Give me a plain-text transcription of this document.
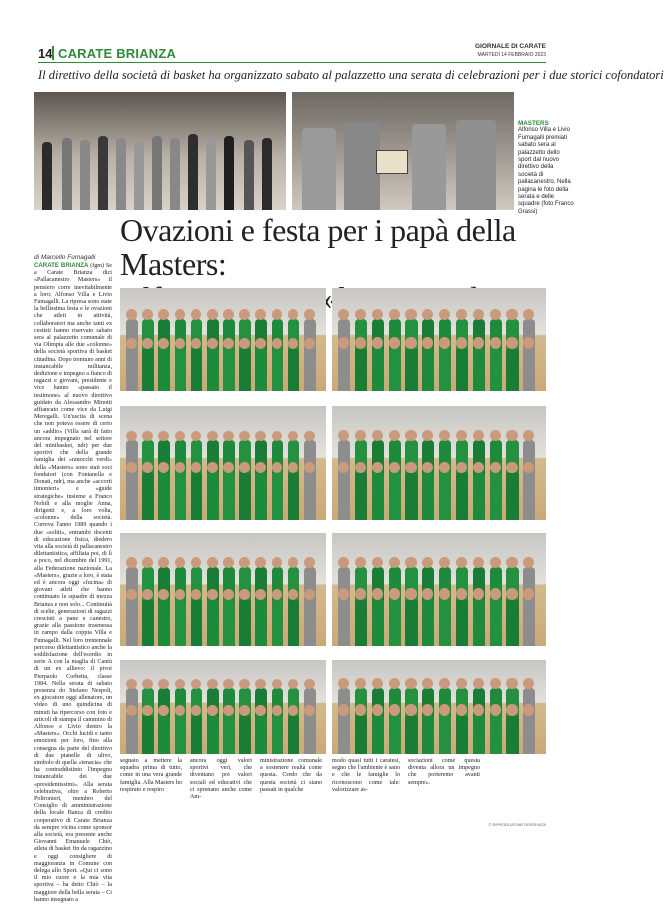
14 CARATE BRIANZA	GIORNALE DI CARATE
MARTEDÌ 14 FEBBRAIO 2023
Il direttivo della società di basket ha organizzato sabato al palazzetto una serata di celebrazioni per i due storici cofondatori
MASTERS
Alfonso Villa e Livio Fumagalli premiati sabato sera al palazzetto dello sport dal nuovo direttivo della società di pallacanestro. Nella pagina le foto della serata e delle squadre (foto Franco Grassi)
Ovazioni e festa per i papà della Masters:
di Marcello Fumagalli
CARATE BRIANZA (fgm) Se a Carate Brianza dici «Pallacanestro Masters» il pensiero corre inevitabilmente a loro: Alfonso Villa e Livio Fumagalli. La ripresa sono state la bellissima festa e le ovazioni che atleti in attività, collaboratori ma anche tanti ex cestisti hanno riservato sabato sera al palazzetto comunale di via Olimpia alle due «colonne» della società sportiva di basket cittadina. Dopo trentuno anni di instancabile militanza, dedizione e impegno a fianco di ragazzi e giovani, presidente e vice hanno «passato il testimone» al nuovo direttivo guidato da Alessandro Minotti affiancato come vice da Luigi Meregalli. Un'uscita di scena che non poteva essere di certo un «addio» (Villa sarà di fatto ancora impegnato nel settore del minibasket, ndr) per due sportivi che della grande famiglia dei «ranocchi verdi» della «Masters» sono stati soci fondatori (con Fontanella e Donati, ndr), ma anche «accorti timonieri» e «guide strategiche» insieme a Franco Nobili e alla moglie Anna, dirigenti e, a loro volta, «colonne» della società. Correva l'anno 1989 quando i due «soliti», entrambi docenti di educazione fisica, diedero vita alla società di pallacanestro dilettantistica, affiliata poi, di lì a poco, nel dicembre del 1991, alla Federazione nazionale. La «Masters», grazie a loro, è stata ed è ancora oggi «fucina» di giovani atleti che hanno continuato le squadre di mezza Brianza e non solo... Continuità di scelte, generazioni di ragazzi cresciuti a pane e canestro, grazie alla passione trasmessa in campo dalla coppia Villa e Fumagalli. Nel loro trentennale percorso dilettantistico anche la soddisfazione dell'esordio in serie A con la maglia di Cantù di un ex allievo: il pivot Pierpaolo Corbetta, classe 1984. Nella serata di sabato presenza do Stefano Nespoli, ex giocatore oggi allenatore, un video di uno quindicina di minuti ha ripercorso con foto e articoli di stampa il cammino di Alfonso e Livio dentro la «Masters». Occhi lucidi e tanto emozioni per loro, fino alla consegna da parte del direttivo di due pianelle di ulivo, simbolo di quella «tenacia» che ha contraddistinto l'impegno instancabile dei due «presidentissimi». Alla serata celebrativa, oltre a Roberto Poltronieri, membro del Consiglio di amministrazione della locale Banca di credito cooperativo di Carate Brianza da sempre vicina come sponsor alla società, era presente anche Giovanni Emanuele Chiò, atleta di basket fin da ragazzino e oggi consigliere di maggioranza in Comune con delega allo Sport. «Qui ci sono il mio cuore e la mia vita sportiva – ha detto Chiò – la maggiore della bella serata – Ci hanno insegnato a
segnato a mettere la squadra prima di tutto, come in una vera grande famiglia. Alla Masters ho respirato e respiro
ancora oggi valori sportivi veri, che diventano poi valori sociali ed educativi che ci sprenano anche come Am-
ministrazione comunale a sostenere realtà come questa. Credo che da questa società ci siano passati in qualche
modo quasi tutti i caratesi, segno che l'ambiente è sano e che le famiglie lo riconoscono come tale: valorizzare as-
sociazioni come questa diventa allora un impegno che porteremo avanti sempre».
© RIPRODUZIONE RISERVATA
